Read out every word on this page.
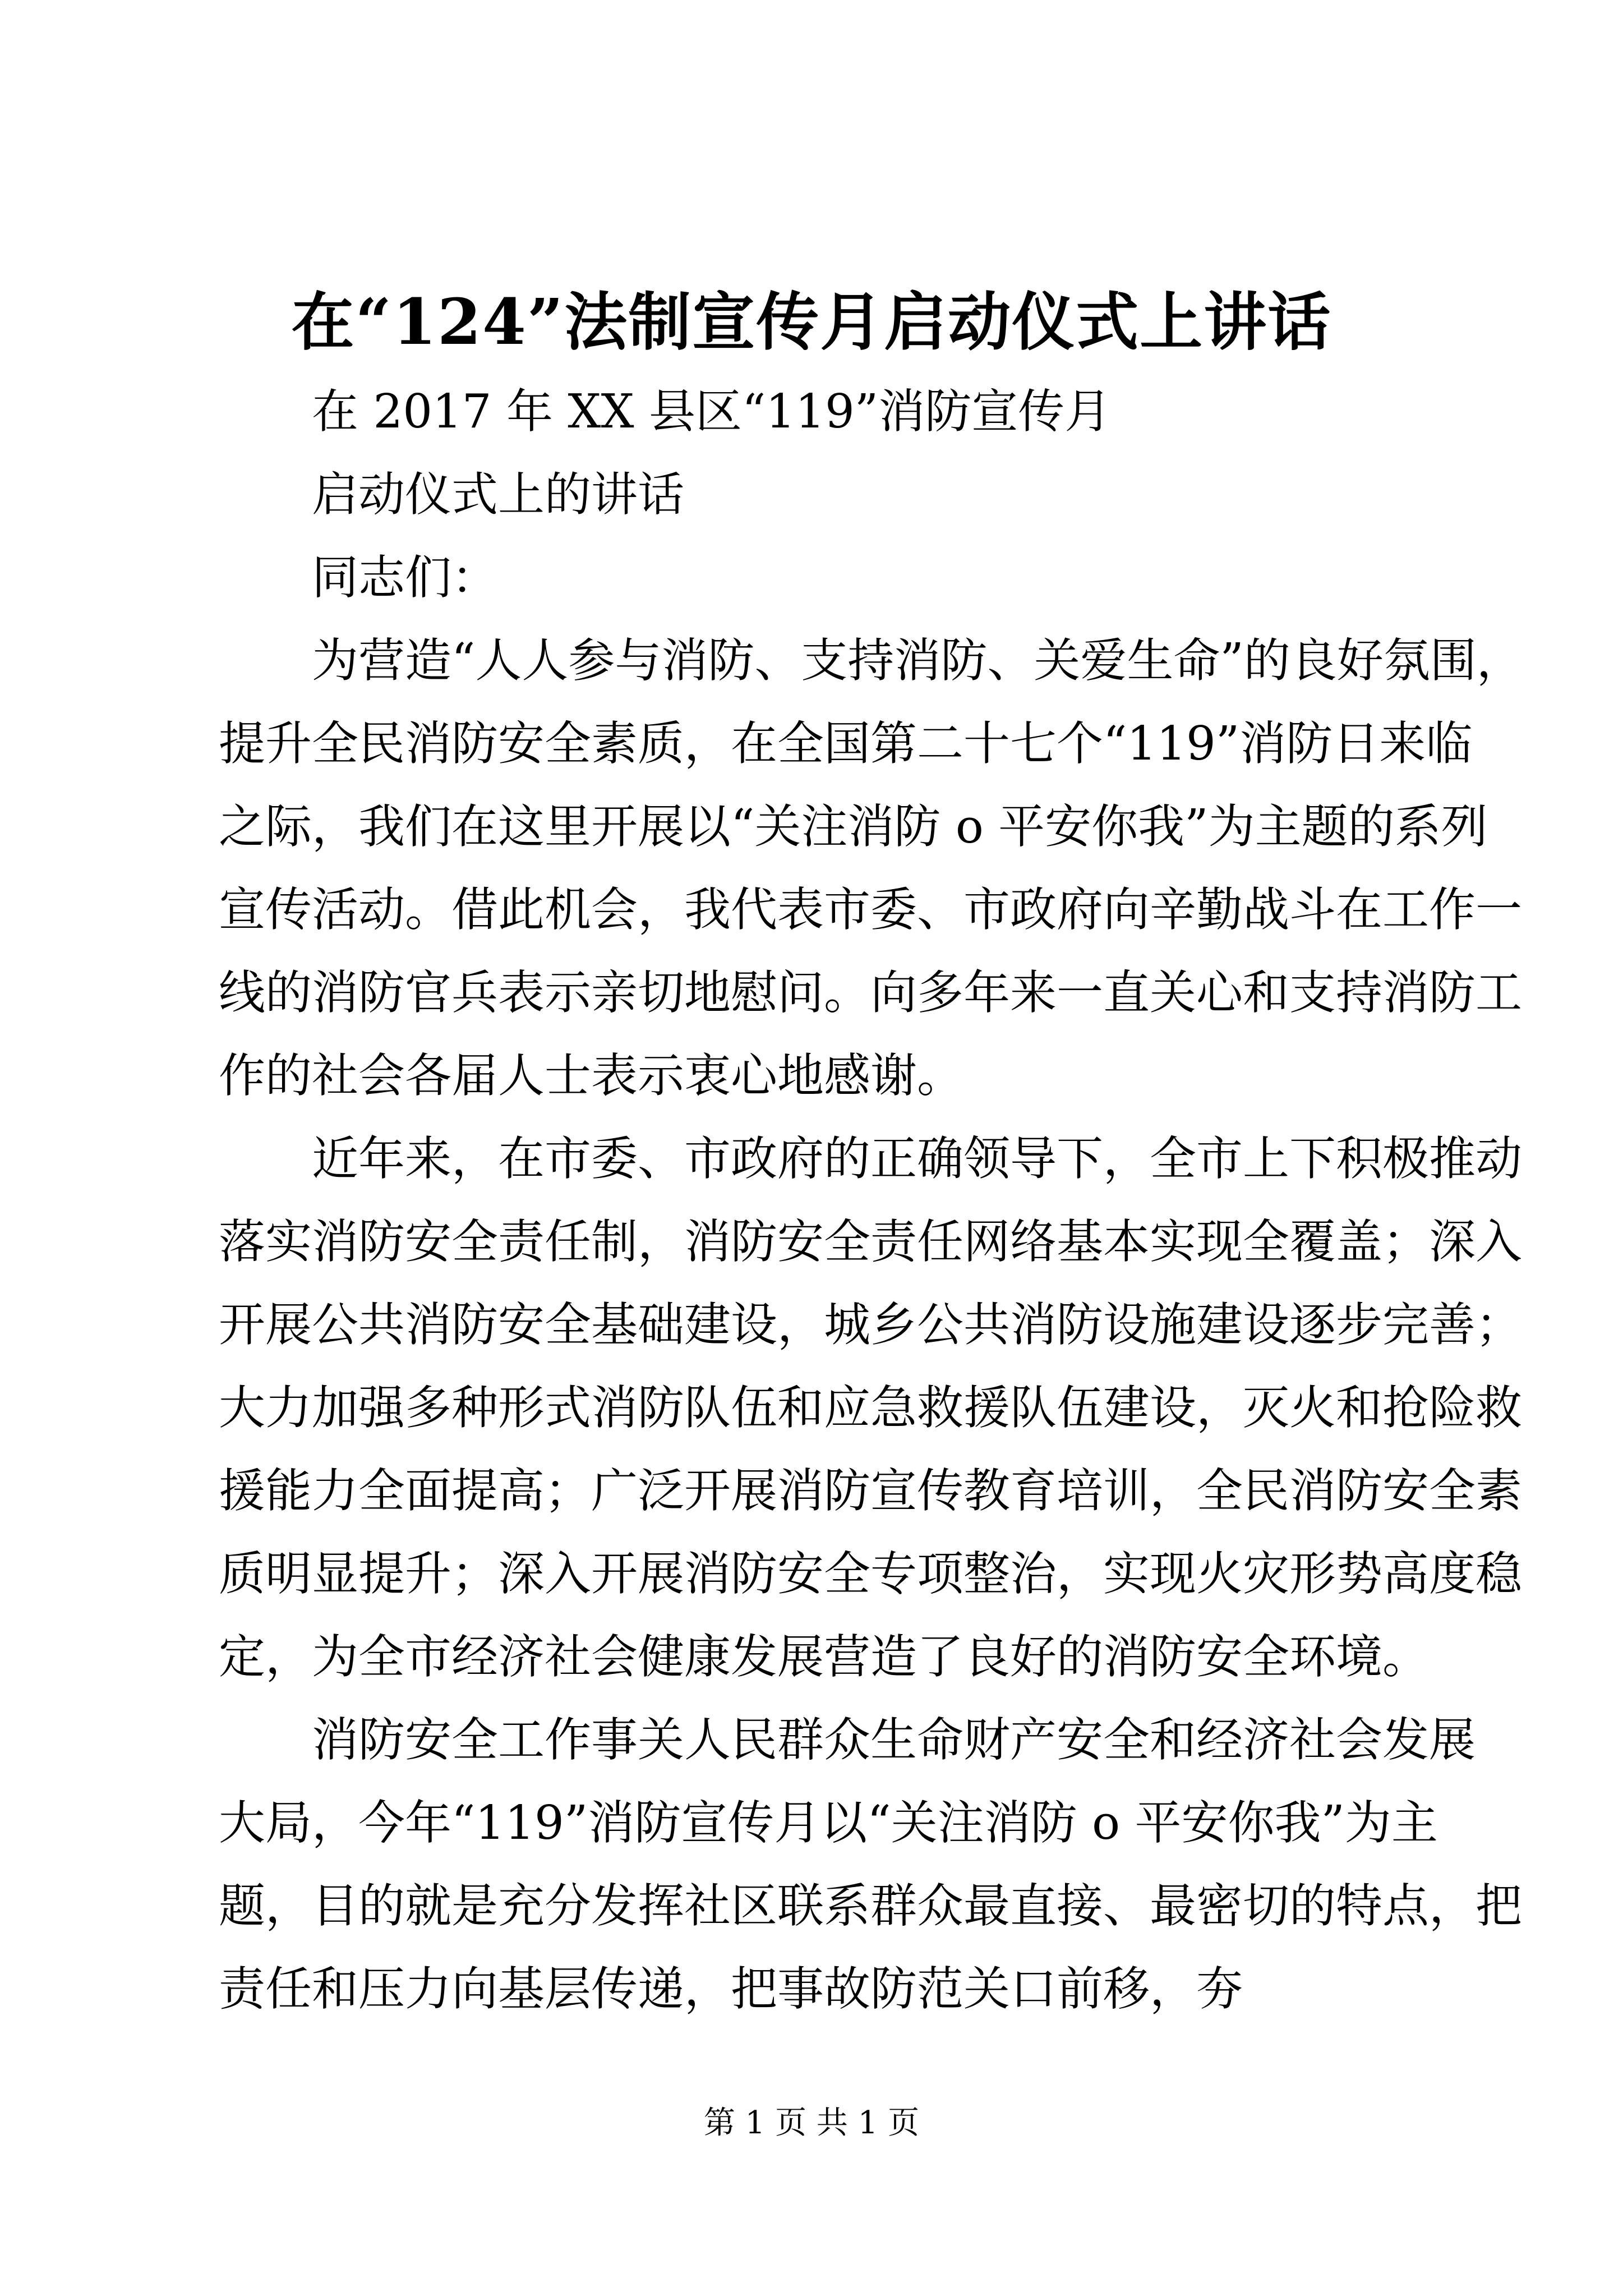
在“124”法制宣传月启动仪式上讲话
在 2017 年 XX 县区“119”消防宣传月
启动仪式上的讲话
同志们：
为营造“人人参与消防、支持消防、关爱生命”的良好氛围，
提升全民消防安全素质，在全国第二十七个“119”消防日来临
之际，我们在这里开展以“关注消防 o 平安你我”为主题的系列
宣传活动。借此机会，我代表市委、市政府向辛勤战斗在工作一
线的消防官兵表示亲切地慰问。向多年来一直关心和支持消防工
作的社会各届人士表示衷心地感谢。
近年来，在市委、市政府的正确领导下，全市上下积极推动
落实消防安全责任制，消防安全责任网络基本实现全覆盖；深入
开展公共消防安全基础建设，城乡公共消防设施建设逐步完善；
大力加强多种形式消防队伍和应急救援队伍建设，灭火和抢险救
援能力全面提高；广泛开展消防宣传教育培训，全民消防安全素
质明显提升；深入开展消防安全专项整治，实现火灾形势高度稳
定，为全市经济社会健康发展营造了良好的消防安全环境。
消防安全工作事关人民群众生命财产安全和经济社会发展
大局，今年“119”消防宣传月以“关注消防 o 平安你我”为主
题，目的就是充分发挥社区联系群众最直接、最密切的特点，把
责任和压力向基层传递，把事故防范关口前移，夯
第 1 页 共 1 页
